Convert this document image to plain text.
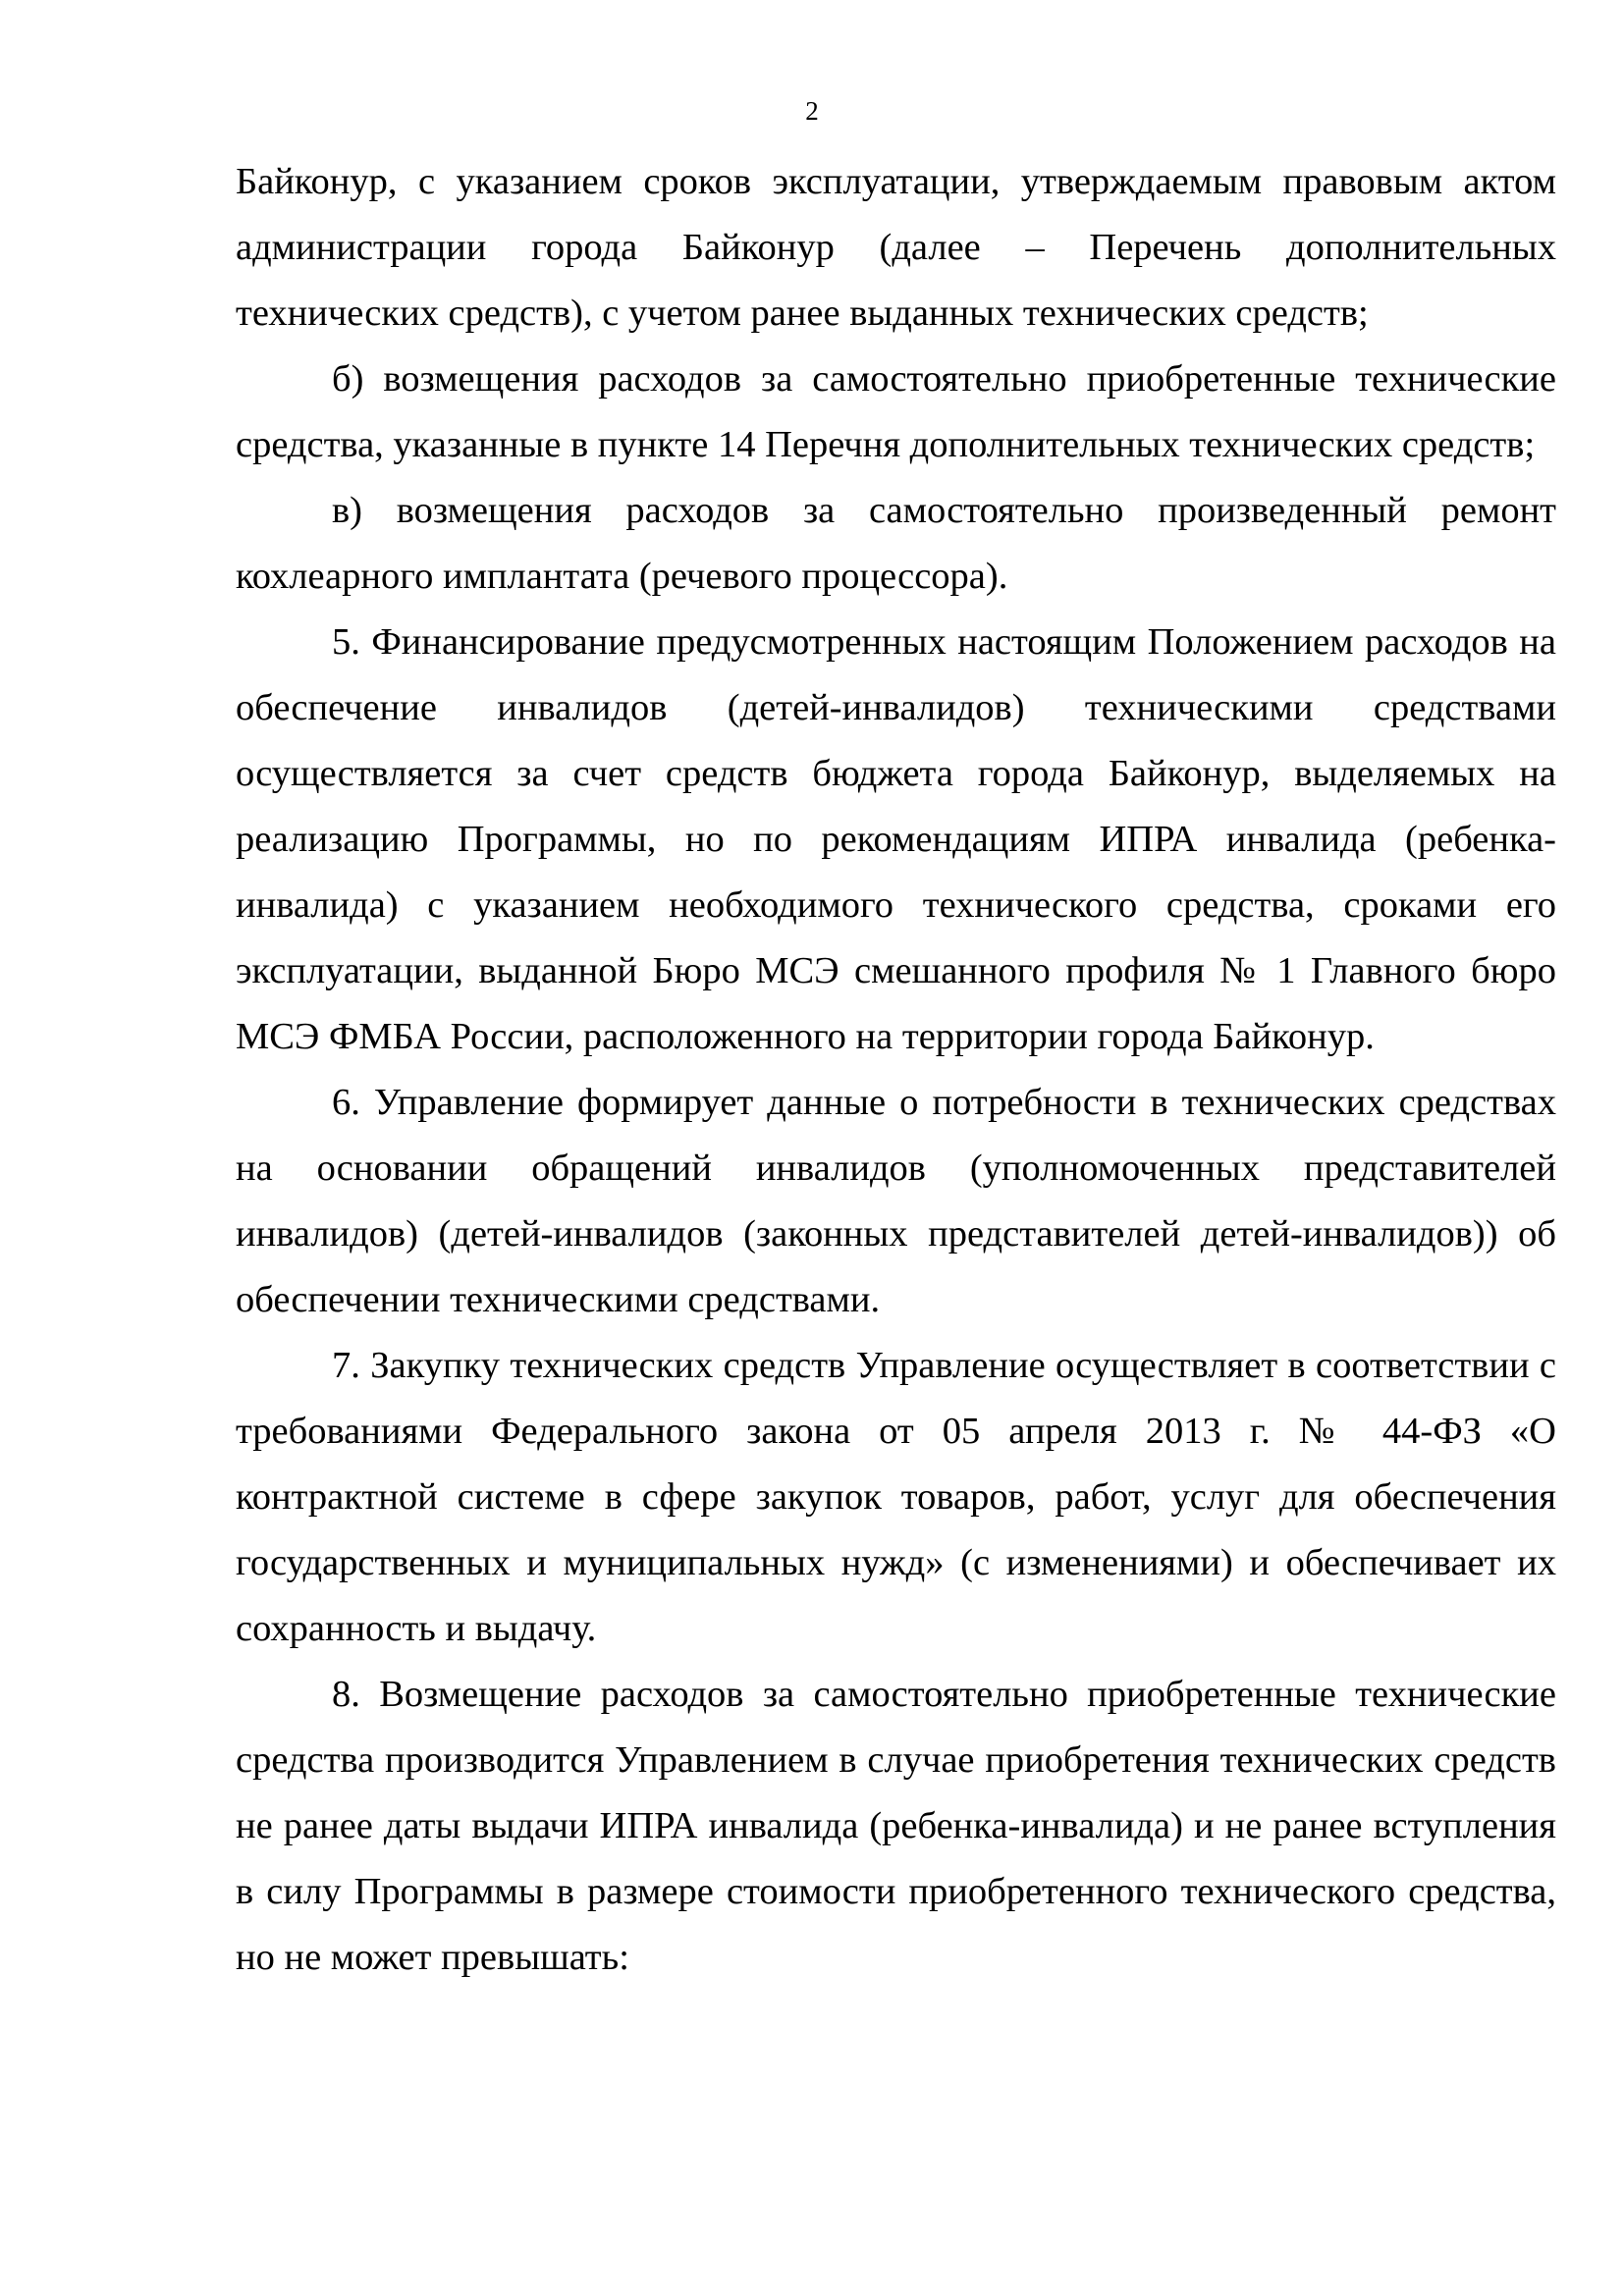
2

Байконур, с указанием сроков эксплуатации, утверждаемым правовым актом администрации города Байконур (далее – Перечень дополнительных технических средств), с учетом ранее выданных технических средств;

б) возмещения расходов за самостоятельно приобретенные технические средства, указанные в пункте 14 Перечня дополнительных технических средств;

в) возмещения расходов за самостоятельно произведенный ремонт кохлеарного имплантата (речевого процессора).

5. Финансирование предусмотренных настоящим Положением расходов на обеспечение инвалидов (детей-инвалидов) техническими средствами осуществляется за счет средств бюджета города Байконур, выделяемых на реализацию Программы, но по рекомендациям ИПРА инвалида (ребенка-инвалида) с указанием необходимого технического средства, сроками его эксплуатации, выданной Бюро МСЭ смешанного профиля № 1 Главного бюро МСЭ ФМБА России, расположенного на территории города Байконур.

6. Управление формирует данные о потребности в технических средствах на основании обращений инвалидов (уполномоченных представителей инвалидов) (детей-инвалидов (законных представителей детей-инвалидов)) об обеспечении техническими средствами.

7. Закупку технических средств Управление осуществляет в соответствии с требованиями Федерального закона от 05 апреля 2013 г. № 44-ФЗ «О контрактной системе в сфере закупок товаров, работ, услуг для обеспечения государственных и муниципальных нужд» (с изменениями) и обеспечивает их сохранность и выдачу.

8. Возмещение расходов за самостоятельно приобретенные технические средства производится Управлением в случае приобретения технических средств не ранее даты выдачи ИПРА инвалида (ребенка-инвалида) и не ранее вступления в силу Программы в размере стоимости приобретенного технического средства, но не может превышать:
